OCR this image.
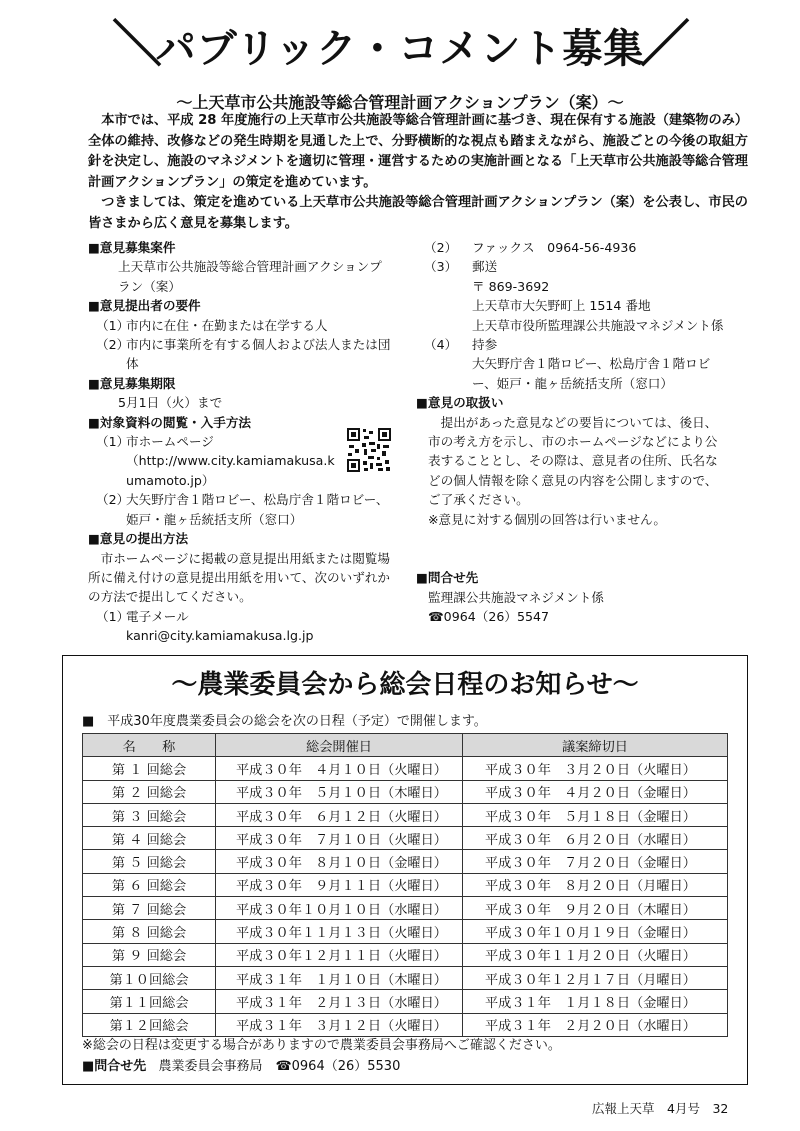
＼	／
パブリック・コメント募集
～上天草市公共施設等総合管理計画アクションプラン（案）～

本市では、平成 28 年度施行の上天草市公共施設等総合管理計画に基づき、現在保有する施設（建築物のみ）全体の維持、改修などの発生時期を見通した上で、分野横断的な視点も踏まえながら、施設ごとの今後の取組方針を決定し、施設のマネジメントを適切に管理・運営するための実施計画となる「上天草市公共施設等総合管理計画アクションプラン」の策定を進めています。

つきましては、策定を進めている上天草市公共施設等総合管理計画アクションプラン（案）を公表し、市民の皆さまから広く意見を募集します。

■意見募集案件
上天草市公共施設等総合管理計画アクションプラン（案）
■意見提出者の要件
（1）
市内に在住・在勤または在学する人
（2）
市内に事業所を有する個人および法人または団体
■意見募集期限
5月1日（火）まで
■対象資料の閲覧・入手方法
（1）
市ホームページ
（http://www.city.kamiamakusa.kumamoto.jp）
（2）
大矢野庁舎１階ロビー、松島庁舎１階ロビー、姫戸・龍ヶ岳統括支所（窓口）
■意見の提出方法
市ホームページに掲載の意見提出用紙または閲覧場所に備え付けの意見提出用紙を用いて、次のいずれかの方法で提出してください。
（1）
電子メール
kanri@city.kamiamakusa.lg.jp
（2）	ファックス　0964-56-4936
（3）	郵送
〒 869-3692
上天草市大矢野町上 1514 番地
上天草市役所監理課公共施設マネジメント係
（4）	持参
大矢野庁舎１階ロビー、松島庁舎１階ロビー、姫戸・龍ヶ岳統括支所（窓口）
■意見の取扱い
提出があった意見などの要旨については、後日、市の考え方を示し、市のホームページなどにより公表することとし、その際は、意見者の住所、氏名などの個人情報を除く意見の内容を公開しますので、ご了承ください。
※意見に対する個別の回答は行いません。
■問合せ先
監理課公共施設マネジメント係
☎0964（26）5547
～農業委員会から総会日程のお知らせ～
■　平成30年度農業委員会の総会を次の日程（予定）で開催します。
名　　称	総会開催日	議案締切日
第 １ 回総会	平成３０年　４月１０日（火曜日）	平成３０年　３月２０日（火曜日）
第 ２ 回総会	平成３０年　５月１０日（木曜日）	平成３０年　４月２０日（金曜日）
第 ３ 回総会	平成３０年　６月１２日（火曜日）	平成３０年　５月１８日（金曜日）
第 ４ 回総会	平成３０年　７月１０日（火曜日）	平成３０年　６月２０日（水曜日）
第 ５ 回総会	平成３０年　８月１０日（金曜日）	平成３０年　７月２０日（金曜日）
第 ６ 回総会	平成３０年　９月１１日（火曜日）	平成３０年　８月２０日（月曜日）
第 ７ 回総会	平成３０年１０月１０日（水曜日）	平成３０年　９月２０日（木曜日）
第 ８ 回総会	平成３０年１１月１３日（火曜日）	平成３０年１０月１９日（金曜日）
第 ９ 回総会	平成３０年１２月１１日（火曜日）	平成３０年１１月２０日（火曜日）
第１０回総会	平成３１年　１月１０日（木曜日）	平成３０年１２月１７日（月曜日）
第１１回総会	平成３１年　２月１３日（水曜日）	平成３１年　１月１８日（金曜日）
第１２回総会	平成３１年　３月１２日（火曜日）	平成３１年　２月２０日（水曜日）
※総会の日程は変更する場合がありますので農業委員会事務局へご確認ください。
■問合せ先 農業委員会事務局　☎0964（26）5530
広報上天草　4月号　32
